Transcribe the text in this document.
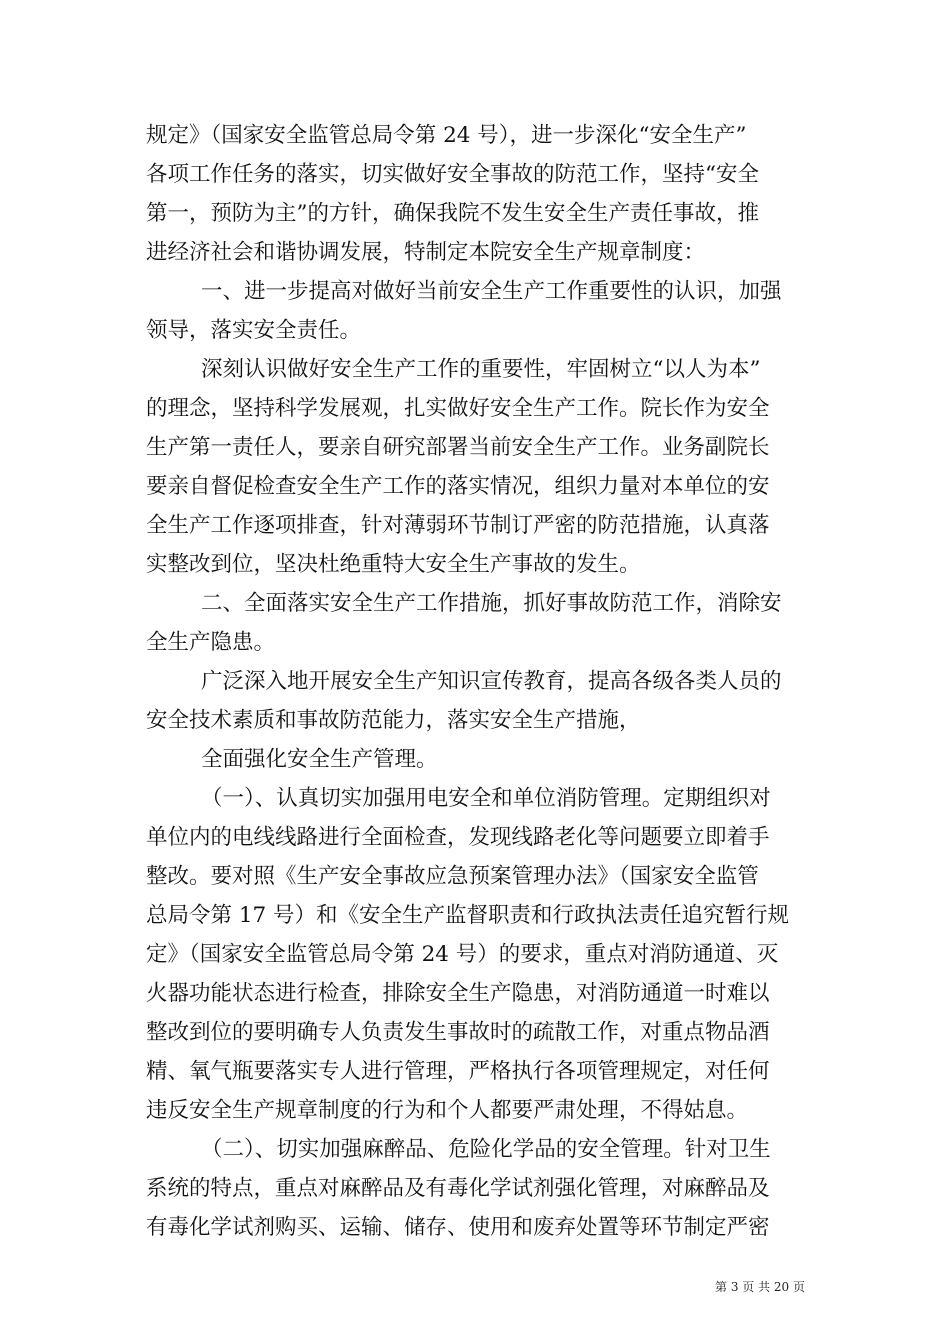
规定》（国家安全监管总局令第 24 号），进一步深化“安全生产”
各项工作任务的落实，切实做好安全事故的防范工作，坚持“安全
第一，预防为主”的方针，确保我院不发生安全生产责任事故，推
进经济社会和谐协调发展，特制定本院安全生产规章制度：
一、进一步提高对做好当前安全生产工作重要性的认识，加强
领导，落实安全责任。
深刻认识做好安全生产工作的重要性，牢固树立“以人为本”
的理念，坚持科学发展观，扎实做好安全生产工作。院长作为安全
生产第一责任人，要亲自研究部署当前安全生产工作。业务副院长
要亲自督促检查安全生产工作的落实情况，组织力量对本单位的安
全生产工作逐项排查，针对薄弱环节制订严密的防范措施，认真落
实整改到位，坚决杜绝重特大安全生产事故的发生。
二、全面落实安全生产工作措施，抓好事故防范工作，消除安
全生产隐患。
广泛深入地开展安全生产知识宣传教育，提高各级各类人员的
安全技术素质和事故防范能力，落实安全生产措施，
全面强化安全生产管理。
（一）、认真切实加强用电安全和单位消防管理。定期组织对
单位内的电线线路进行全面检查，发现线路老化等问题要立即着手
整改。要对照《生产安全事故应急预案管理办法》（国家安全监管
总局令第 17 号）和《安全生产监督职责和行政执法责任追究暂行规
定》（国家安全监管总局令第 24 号）的要求，重点对消防通道、灭
火器功能状态进行检查，排除安全生产隐患，对消防通道一时难以
整改到位的要明确专人负责发生事故时的疏散工作，对重点物品酒
精、氧气瓶要落实专人进行管理，严格执行各项管理规定，对任何
违反安全生产规章制度的行为和个人都要严肃处理，不得姑息。
（二）、切实加强麻醉品、危险化学品的安全管理。针对卫生
系统的特点，重点对麻醉品及有毒化学试剂强化管理，对麻醉品及
有毒化学试剂购买、运输、储存、使用和废弃处置等环节制定严密
第 3 页 共 20 页
